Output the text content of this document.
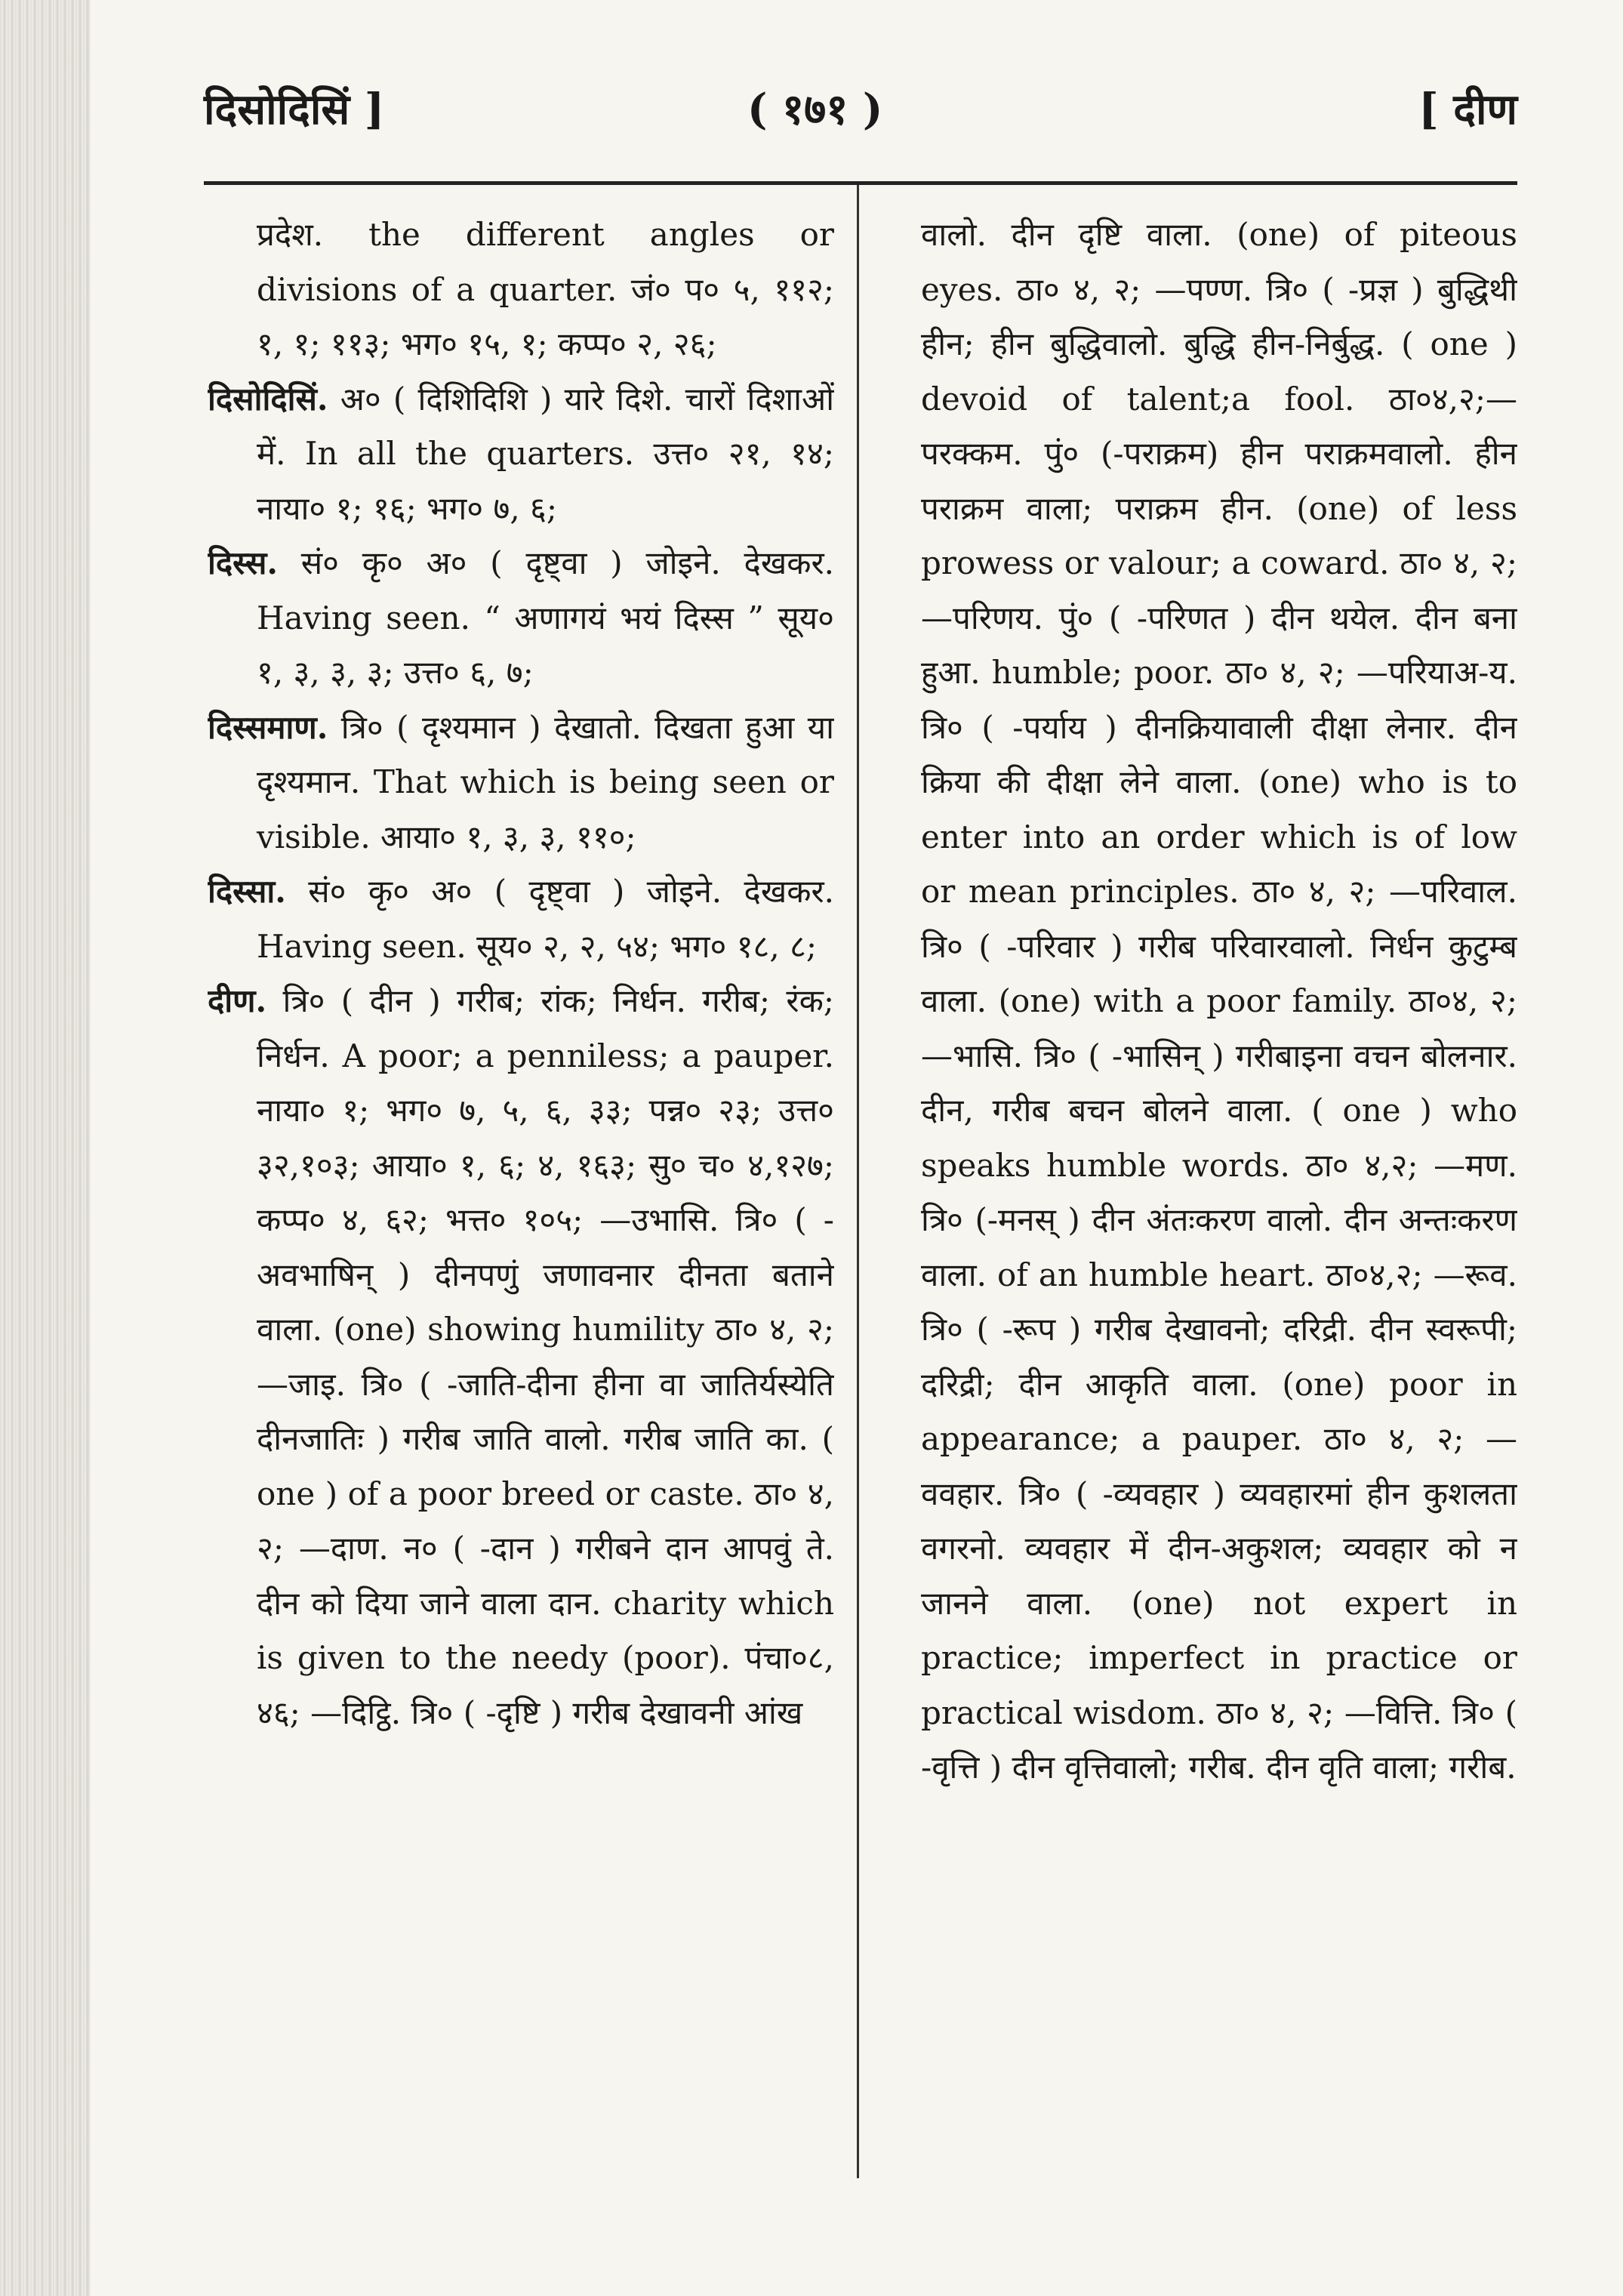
दिसोदिसिं ]	( १७१ )	[ दीण

प्रदेश. the different angles or divisions of a quarter. जं० प० ५, ११२; १, १; ११३; भग० १५, १; कप्प० २, २६;

दिसोदिसिं. अ० ( दिशिदिशि ) यारे दिशे. चारों दिशाओं में. In all the quarters. उत्त० २१, १४; नाया० १; १६; भग० ७, ६;

दिस्स. सं० कृ० अ० ( दृष्ट्वा ) जोइने. देखकर. Having seen. “ अणागयं भयं दिस्स ” सूय० १, ३, ३, ३; उत्त० ६, ७;

दिस्समाण. त्रि० ( दृश्यमान ) देखातो. दिखता हुआ या दृश्यमान. That which is being seen or visible. आया० १, ३, ३, ११०;

दिस्सा. सं० कृ० अ० ( दृष्ट्वा ) जोइने. देखकर. Having seen. सूय० २, २, ५४; भग० १८, ८;

दीण. त्रि० ( दीन ) गरीब; रांक; निर्धन. गरीब; रंक; निर्धन. A poor; a penniless; a pauper. नाया० १; भग० ७, ५, ६, ३३; पन्न० २३; उत्त० ३२,१०३; आया० १, ६; ४, १६३; सु० च० ४,१२७; कप्प० ४, ६२; भत्त० १०५; —उभासि. त्रि० ( -अवभाषिन् ) दीनपणुं जणावनार दीनता बताने वाला. (one) showing humility ठा० ४, २;—जाइ. त्रि० ( -जाति-दीना हीना वा जातिर्यस्येति दीनजातिः ) गरीब जाति वालो. गरीब जाति का. ( one ) of a poor breed or caste. ठा० ४, २; —दाण. न० ( -दान ) गरीबने दान आपवुं ते. दीन को दिया जाने वाला दान. charity which is given to the needy (poor). पंचा०८, ४६; —दिट्ठि. त्रि० ( -दृष्टि ) गरीब देखावनी आंख

वालो. दीन दृष्टि वाला. (one) of piteous eyes. ठा० ४, २; —पण्ण. त्रि० ( -प्रज्ञ ) बुद्धिथी हीन; हीन बुद्धिवालो. बुद्धि हीन-निर्बुद्ध. ( one ) devoid of talent;a fool. ठा०४,२;—परक्कम. पुं० (-पराक्रम) हीन पराक्रमवालो. हीन पराक्रम वाला; पराक्रम हीन. (one) of less prowess or valour; a coward. ठा० ४, २; —परिणय. पुं० ( -परिणत ) दीन थयेल. दीन बना हुआ. humble; poor. ठा० ४, २; —परियाअ-य. त्रि० ( -पर्याय ) दीनक्रियावाली दीक्षा लेनार. दीन क्रिया की दीक्षा लेने वाला. (one) who is to enter into an order which is of low or mean principles. ठा० ४, २; —परिवाल. त्रि० ( -परिवार ) गरीब परिवारवालो. निर्धन कुटुम्ब वाला. (one) with a poor family. ठा०४, २;—भासि. त्रि० ( -भासिन् ) गरीबाइना वचन बोलनार. दीन, गरीब बचन बोलने वाला. ( one ) who speaks humble words. ठा० ४,२; —मण. त्रि० (-मनस् ) दीन अंतःकरण वालो. दीन अन्तःकरण वाला. of an humble heart. ठा०४,२; —रूव. त्रि० ( -रूप ) गरीब देखावनो; दरिद्री. दीन स्वरूपी; दरिद्री; दीन आकृति वाला. (one) poor in appearance; a pauper. ठा० ४, २; —ववहार. त्रि० ( -व्यवहार ) व्यवहारमां हीन कुशलता वगरनो. व्यवहार में दीन-अकुशल; व्यवहार को न जानने वाला. (one) not expert in practice; imperfect in practice or practical wisdom. ठा० ४, २; —वित्ति. त्रि० ( -वृत्ति ) दीन वृत्तिवालो; गरीब. दीन वृति वाला; गरीब.
